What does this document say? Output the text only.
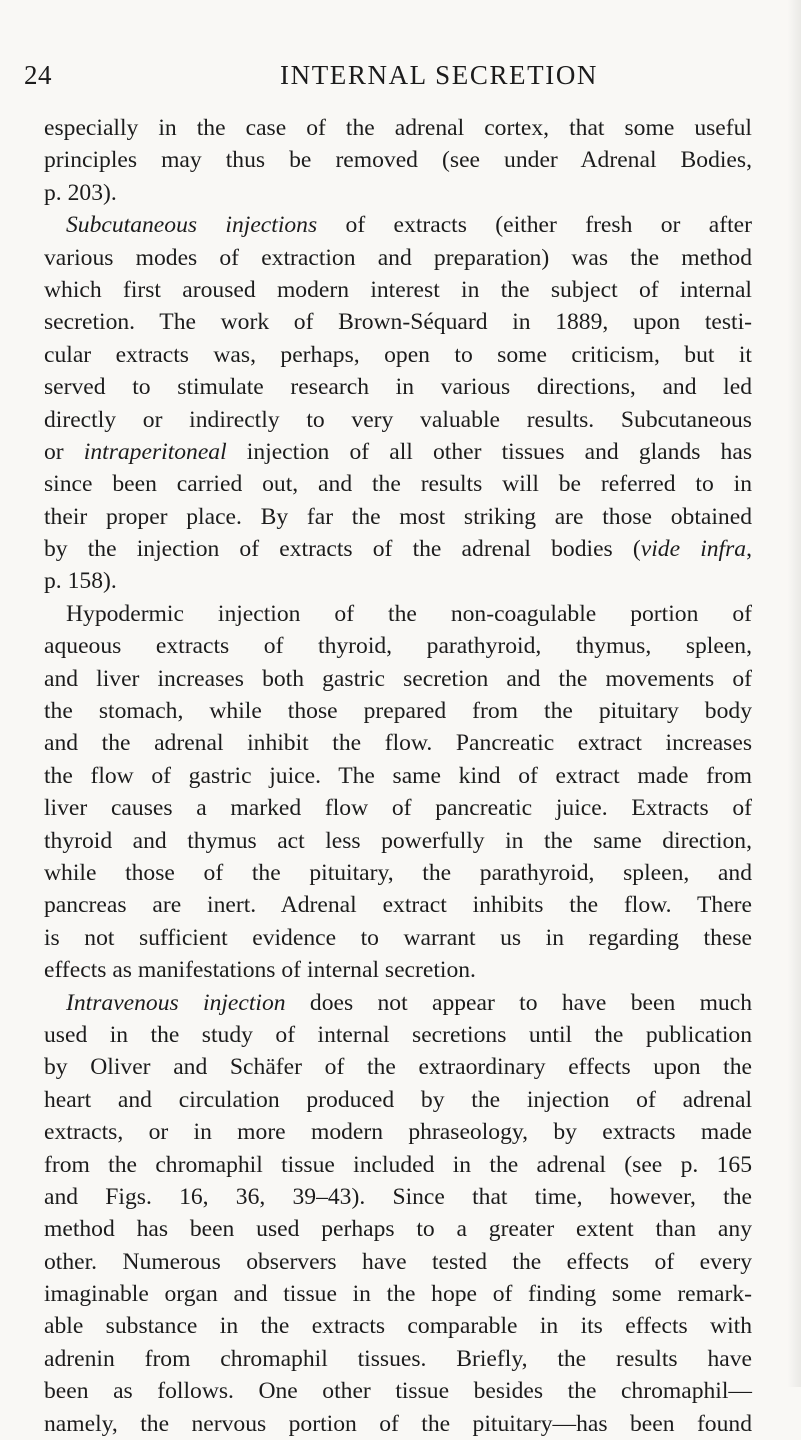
24	INTERNAL SECRETION
especially in the case of the adrenal cortex, that some useful
principles may thus be removed (see under Adrenal Bodies,
p. 203).
Subcutaneous injections of extracts (either fresh or after
various modes of extraction and preparation) was the method
which first aroused modern interest in the subject of internal
secretion. The work of Brown-Séquard in 1889, upon testi-
cular extracts was, perhaps, open to some criticism, but it
served to stimulate research in various directions, and led
directly or indirectly to very valuable results. Subcutaneous
or intraperitoneal injection of all other tissues and glands has
since been carried out, and the results will be referred to in
their proper place. By far the most striking are those obtained
by the injection of extracts of the adrenal bodies (vide infra,
p. 158).
Hypodermic injection of the non-coagulable portion of
aqueous extracts of thyroid, parathyroid, thymus, spleen,
and liver increases both gastric secretion and the movements of
the stomach, while those prepared from the pituitary body
and the adrenal inhibit the flow. Pancreatic extract increases
the flow of gastric juice. The same kind of extract made from
liver causes a marked flow of pancreatic juice. Extracts of
thyroid and thymus act less powerfully in the same direction,
while those of the pituitary, the parathyroid, spleen, and
pancreas are inert. Adrenal extract inhibits the flow. There
is not sufficient evidence to warrant us in regarding these
effects as manifestations of internal secretion.
Intravenous injection does not appear to have been much
used in the study of internal secretions until the publication
by Oliver and Schäfer of the extraordinary effects upon the
heart and circulation produced by the injection of adrenal
extracts, or in more modern phraseology, by extracts made
from the chromaphil tissue included in the adrenal (see p. 165
and Figs. 16, 36, 39–43). Since that time, however, the
method has been used perhaps to a greater extent than any
other. Numerous observers have tested the effects of every
imaginable organ and tissue in the hope of finding some remark-
able substance in the extracts comparable in its effects with
adrenin from chromaphil tissues. Briefly, the results have
been as follows. One other tissue besides the chromaphil—
namely, the nervous portion of the pituitary—has been found
